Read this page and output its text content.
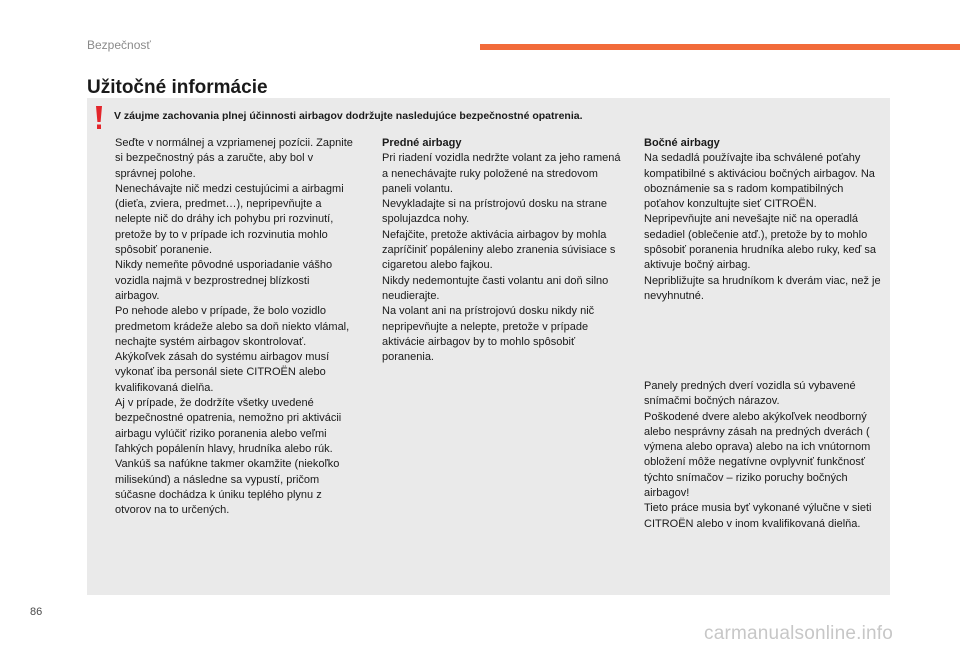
Bezpečnosť
Užitočné informácie
V záujme zachovania plnej účinnosti airbagov dodržujte nasledujúce bezpečnostné opatrenia.

Seďte v normálnej a vzpriamenej pozícii. Zapnite si bezpečnostný pás a zaručte, aby bol v správnej polohe.

Nenechávajte nič medzi cestujúcimi a airbagmi (dieťa, zviera, predmet…), nepripevňujte a nelepte nič do dráhy ich pohybu pri rozvinutí, pretože by to v prípade ich rozvinutia mohlo spôsobiť poranenie.

Nikdy nemeňte pôvodné usporiadanie vášho vozidla najmä v bezprostrednej blízkosti airbagov.

Po nehode alebo v prípade, že bolo vozidlo predmetom krádeže alebo sa doň niekto vlámal, nechajte systém airbagov skontrolovať.

Akýkoľvek zásah do systému airbagov musí vykonať iba personál siete CITROËN alebo kvalifikovaná dielňa.

Aj v prípade, že dodržíte všetky uvedené bezpečnostné opatrenia, nemožno pri aktivácii airbagu vylúčiť riziko poranenia alebo veľmi ľahkých popálenín hlavy, hrudníka alebo rúk. Vankúš sa nafúkne takmer okamžite (niekoľko milisekúnd) a následne sa vypustí, pričom súčasne dochádza k úniku teplého plynu z otvorov na to určených.

Predné airbagy

Pri riadení vozidla nedržte volant za jeho ramená a nenechávajte ruky položené na stredovom paneli volantu.

Nevykladajte si na prístrojovú dosku na strane spolujazdca nohy.

Nefajčite, pretože aktivácia airbagov by mohla zapríčiniť popáleniny alebo zranenia súvisiace s cigaretou alebo fajkou.

Nikdy nedemontujte časti volantu ani doň silno neudierajte.

Na volant ani na prístrojovú dosku nikdy nič nepripevňujte a nelepte, pretože v prípade aktivácie airbagov by to mohlo spôsobiť poranenia.

Bočné airbagy

Na sedadlá používajte iba schválené poťahy kompatibilné s aktiváciou bočných airbagov. Na oboznámenie sa s radom kompatibilných poťahov konzultujte sieť CITROËN.

Nepripevňujte ani nevešajte nič na operadlá sedadiel (oblečenie atď.), pretože by to mohlo spôsobiť poranenia hrudníka alebo ruky, keď sa aktivuje bočný airbag.

Nepribližujte sa hrudníkom k dverám viac, než je nevyhnutné.

Panely predných dverí vozidla sú vybavené snímačmi bočných nárazov.

Poškodené dvere alebo akýkoľvek neodborný alebo nesprávny zásah na predných dverách ( výmena alebo oprava) alebo na ich vnútornom obložení môže negatívne ovplyvniť funkčnosť týchto snímačov – riziko poruchy bočných airbagov!

Tieto práce musia byť vykonané výlučne v sieti CITROËN alebo v inom kvalifikovaná dielňa.

86
carmanualsonline.info
